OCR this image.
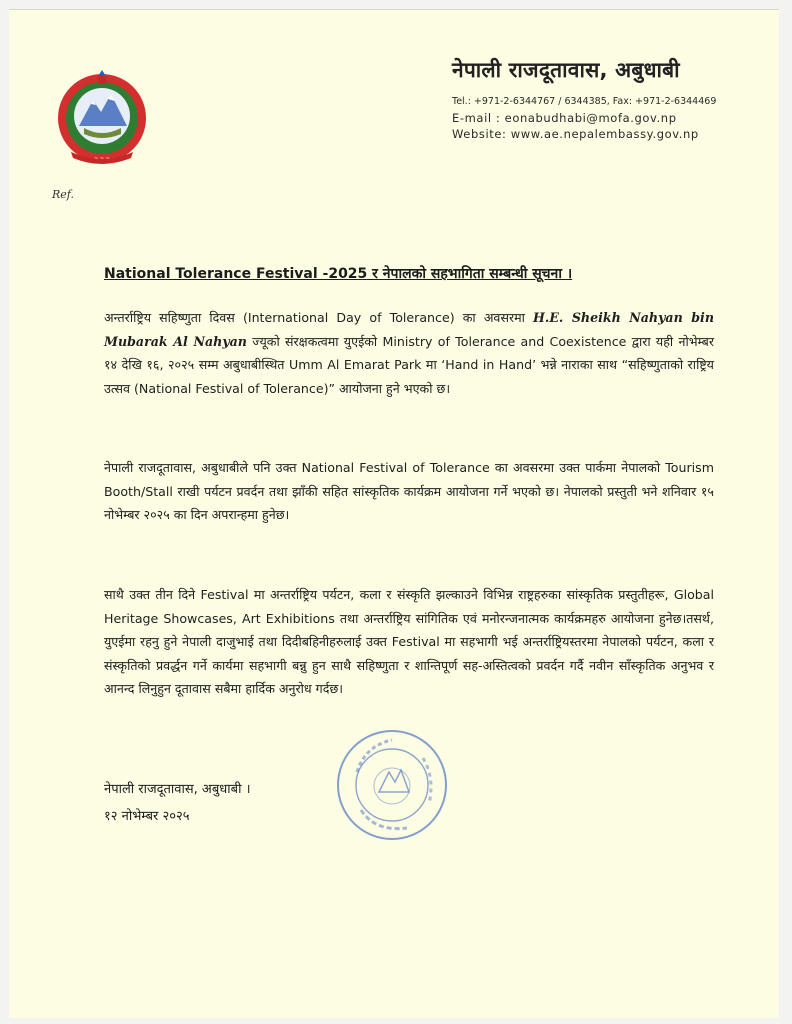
~ ~ ~
नेपाली राजदूतावास, अबुधाबी
Tel.: +971-2-6344767 / 6344385, Fax: +971-2-6344469
E-mail : eonabudhabi@mofa.gov.np
Website: www.ae.nepalembassy.gov.np
Ref.
National Tolerance Festival -2025 र नेपालको सहभागिता सम्बन्धी सूचना ।
अन्तर्राष्ट्रिय सहिष्णुता दिवस (International Day of Tolerance) का अवसरमा H.E. Sheikh Nahyan bin Mubarak Al Nahyan ज्यूको संरक्षकत्वमा युएईको Ministry of Tolerance and Coexistence द्वारा यही नोभेम्बर १४ देखि १६, २०२५ सम्म अबुधाबीस्थित Umm Al Emarat Park मा ‘Hand in Hand’ भन्ने नाराका साथ “सहिष्णुताको राष्ट्रिय उत्सव (National Festival of Tolerance)” आयोजना हुने भएको छ।
नेपाली राजदूतावास, अबुधाबीले पनि उक्त National Festival of Tolerance का अवसरमा उक्त पार्कमा नेपालको Tourism Booth/Stall राखी पर्यटन प्रवर्दन तथा झाँकी सहित सांस्कृतिक कार्यक्रम आयोजना गर्ने भएको छ। नेपालको प्रस्तुती भने शनिवार १५ नोभेम्बर २०२५ का दिन अपरान्हमा हुनेछ।
साथै उक्त तीन दिने Festival मा अन्तर्राष्ट्रिय पर्यटन, कला र संस्कृति झल्काउने विभिन्न राष्ट्रहरुका सांस्कृतिक प्रस्तुतीहरू, Global Heritage Showcases, Art Exhibitions तथा अन्तर्राष्ट्रिय सांगितिक एवं मनोरन्जनात्मक कार्यक्रमहरु आयोजना हुनेछ।तसर्थ, युएईमा रहनु हुने नेपाली दाजुभाई तथा दिदीबहिनीहरुलाई उक्त Festival मा सहभागी भई अन्तर्राष्ट्रियस्तरमा नेपालको पर्यटन, कला र संस्कृतिको प्रवर्द्धन गर्ने कार्यमा सहभागी बन्नु हुन साथै सहिष्णुता र शान्तिपूर्ण सह-अस्तित्वको प्रवर्दन गर्दै नवीन साँस्कृतिक अनुभव र आनन्द लिनुहुन दूतावास सबैमा हार्दिक अनुरोध गर्दछ।
नेपाली राजदूतावास, अबुधाबी ।
१२ नोभेम्बर २०२५
